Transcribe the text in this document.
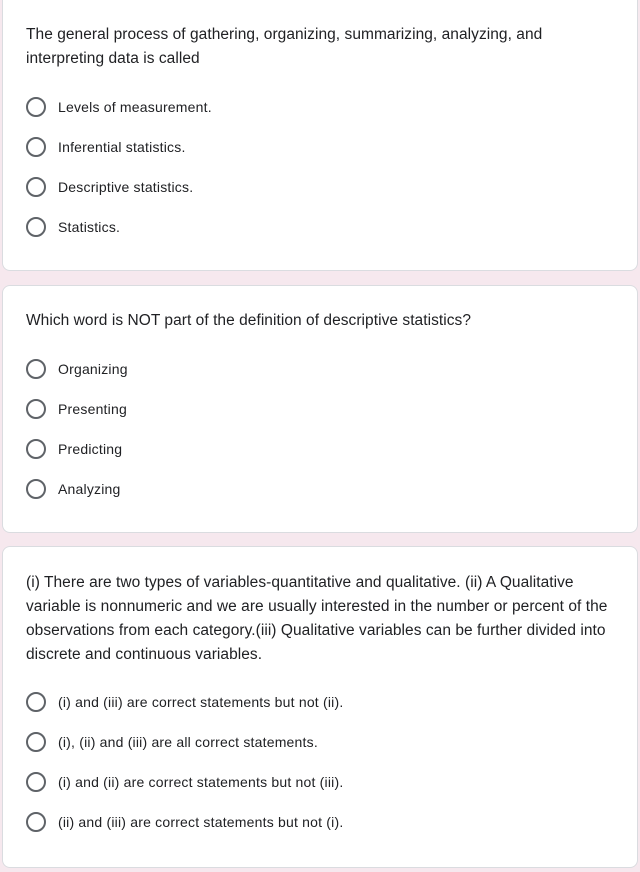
The general process of gathering, organizing, summarizing, analyzing, and interpreting data is called
Levels of measurement.
Inferential statistics.
Descriptive statistics.
Statistics.
Which word is NOT part of the definition of descriptive statistics?
Organizing
Presenting
Predicting
Analyzing
(i) There are two types of variables-quantitative and qualitative. (ii) A Qualitative variable is nonnumeric and we are usually interested in the number or percent of the observations from each category.(iii) Qualitative variables can be further divided into discrete and continuous variables.
(i) and (iii) are correct statements but not (ii).
(i), (ii) and (iii) are all correct statements.
(i) and (ii) are correct statements but not (iii).
(ii) and (iii) are correct statements but not (i).
